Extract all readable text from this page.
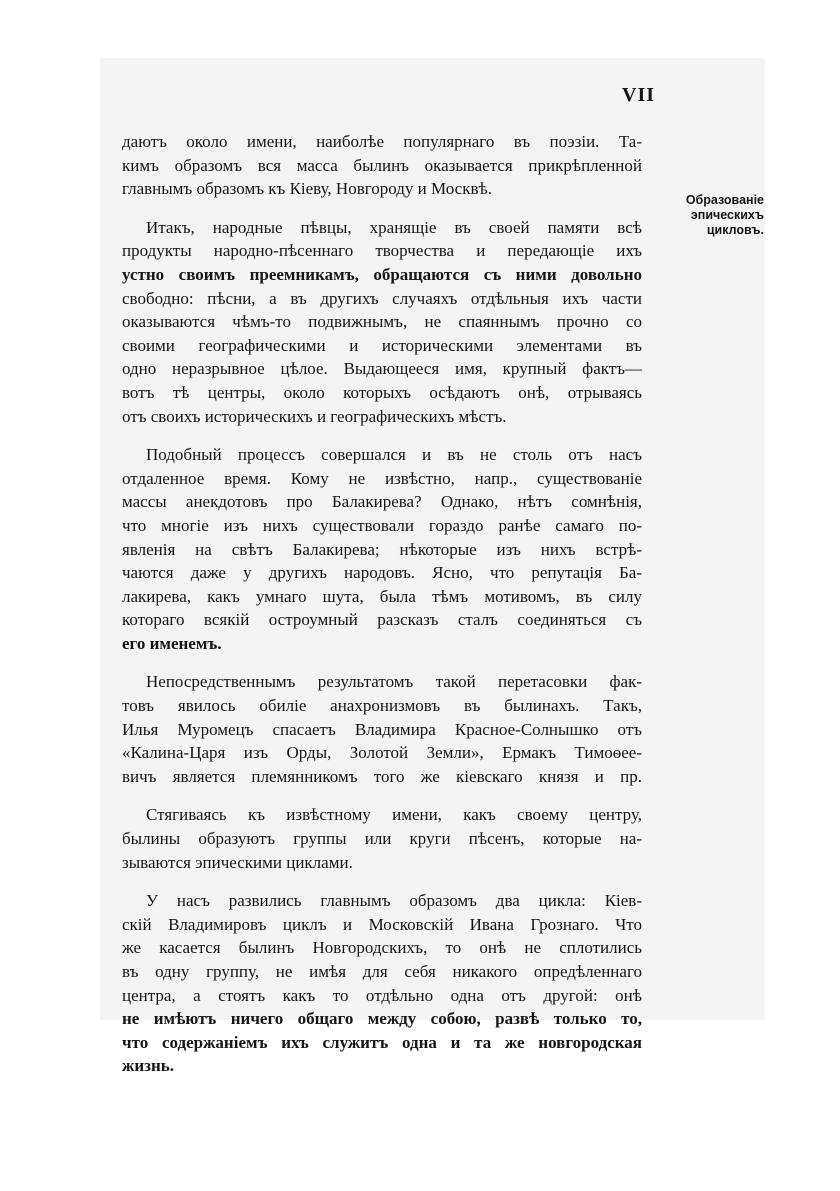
VII

Образованіе
эпическихъ
цикловъ.

даютъ около имени, наиболѣе популярнаго въ поэзіи. Та-
кимъ образомъ вся масса былинъ оказывается прикрѣпленной
главнымъ образомъ къ Кіеву, Новгороду и Москвѣ.
Итакъ, народные пѣвцы, хранящіе въ своей памяти всѣ
продукты народно-пѣсеннаго творчества и передающіе ихъ
устно своимъ преемникамъ, обращаются съ ними довольно
свободно: пѣсни, а въ другихъ случаяхъ отдѣльныя ихъ части
оказываются чѣмъ-то подвижнымъ, не спаяннымъ прочно со
своими географическими и историческими элементами въ
одно неразрывное цѣлое. Выдающееся имя, крупный фактъ—
вотъ тѣ центры, около которыхъ осѣдаютъ онѣ, отрываясь
отъ своихъ историческихъ и географическихъ мѣстъ.
Подобный процессъ совершался и въ не столь отъ насъ
отдаленное время. Кому не извѣстно, напр., существованіе
массы анекдотовъ про Балакирева? Однако, нѣтъ сомнѣнія,
что многіе изъ нихъ существовали гораздо ранѣе самаго по-
явленія на свѣтъ Балакирева; нѣкоторые изъ нихъ встрѣ-
чаются даже у другихъ народовъ. Ясно, что репутація Ба-
лакирева, какъ умнаго шута, была тѣмъ мотивомъ, въ силу
котораго всякій остроумный разсказъ сталъ соединяться съ
его именемъ.
Непосредственнымъ результатомъ такой перетасовки фак-
товъ явилось обиліе анахронизмовъ въ былинахъ. Такъ,
Илья Муромецъ спасаетъ Владимира Красное-Солнышко отъ
«Калина-Царя изъ Орды, Золотой Земли», Ермакъ Тимоѳее-
вичъ является племянникомъ того же кіевскаго князя и пр.
Стягиваясь къ извѣстному имени, какъ своему центру,
былины образуютъ группы или круги пѣсенъ, которые на-
зываются эпическими циклами.
У насъ развились главнымъ образомъ два цикла: Кіев-
скій Владимировъ циклъ и Московскій Ивана Грознаго. Что
же касается былинъ Новгородскихъ, то онѣ не сплотились
въ одну группу, не имѣя для себя никакого опредѣленнаго
центра, а стоятъ какъ то отдѣльно одна отъ другой: онѣ
не имѣютъ ничего общаго между собою, развѣ только то,
что содержаніемъ ихъ служитъ одна и та же новгородская
жизнь.
